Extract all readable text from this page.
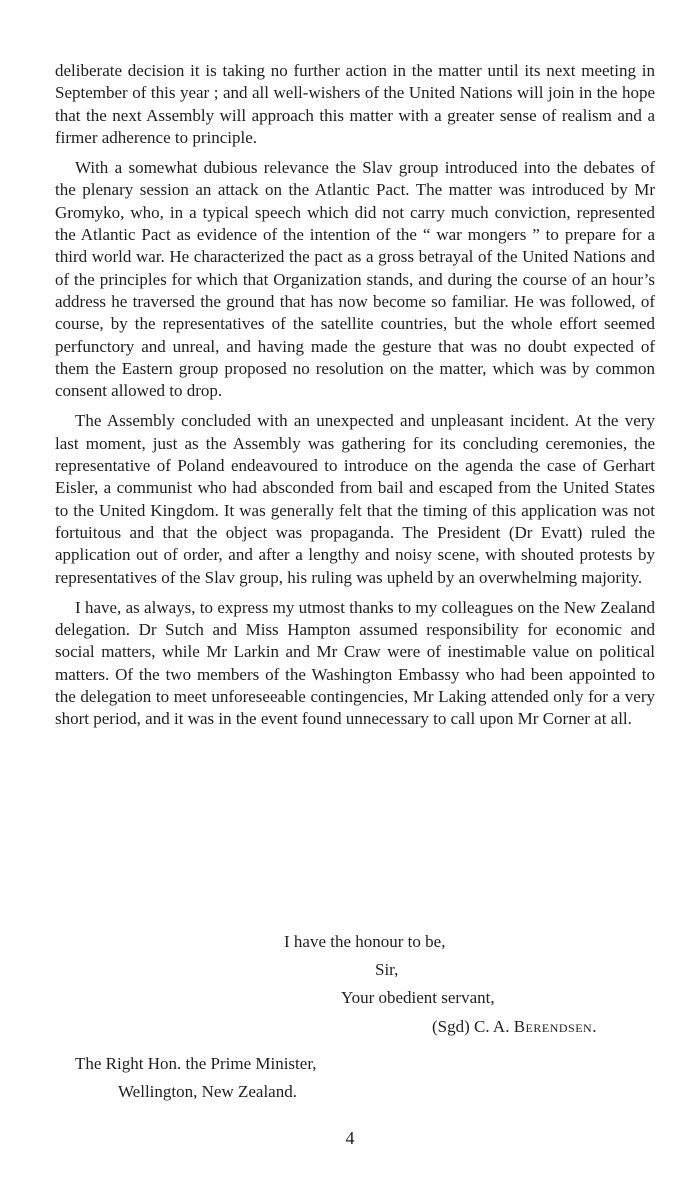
deliberate decision it is taking no further action in the matter until its next meeting in September of this year ; and all well-wishers of the United Nations will join in the hope that the next Assembly will approach this matter with a greater sense of realism and a firmer adherence to principle.

With a somewhat dubious relevance the Slav group introduced into the debates of the plenary session an attack on the Atlantic Pact. The matter was introduced by Mr Gromyko, who, in a typical speech which did not carry much conviction, represented the Atlantic Pact as evidence of the intention of the “ war mongers ” to prepare for a third world war. He characterized the pact as a gross betrayal of the United Nations and of the principles for which that Organization stands, and during the course of an hour’s address he traversed the ground that has now become so familiar. He was followed, of course, by the representatives of the satellite countries, but the whole effort seemed perfunctory and unreal, and having made the gesture that was no doubt expected of them the Eastern group proposed no resolution on the matter, which was by common consent allowed to drop.

The Assembly concluded with an unexpected and unpleasant incident. At the very last moment, just as the Assembly was gathering for its concluding ceremonies, the representative of Poland endeavoured to introduce on the agenda the case of Gerhart Eisler, a communist who had absconded from bail and escaped from the United States to the United Kingdom. It was generally felt that the timing of this application was not fortuitous and that the object was propaganda. The President (Dr Evatt) ruled the application out of order, and after a lengthy and noisy scene, with shouted protests by representatives of the Slav group, his ruling was upheld by an overwhelming majority.

I have, as always, to express my utmost thanks to my colleagues on the New Zealand delegation. Dr Sutch and Miss Hampton assumed responsibility for economic and social matters, while Mr Larkin and Mr Craw were of inestimable value on political matters. Of the two members of the Washington Embassy who had been appointed to the delegation to meet unforeseeable contingencies, Mr Laking attended only for a very short period, and it was in the event found unnecessary to call upon Mr Corner at all.

I have the honour to be,
Sir,
Your obedient servant,
(Sgd) C. A. Berendsen.
The Right Hon. the Prime Minister,
Wellington, New Zealand.
4
